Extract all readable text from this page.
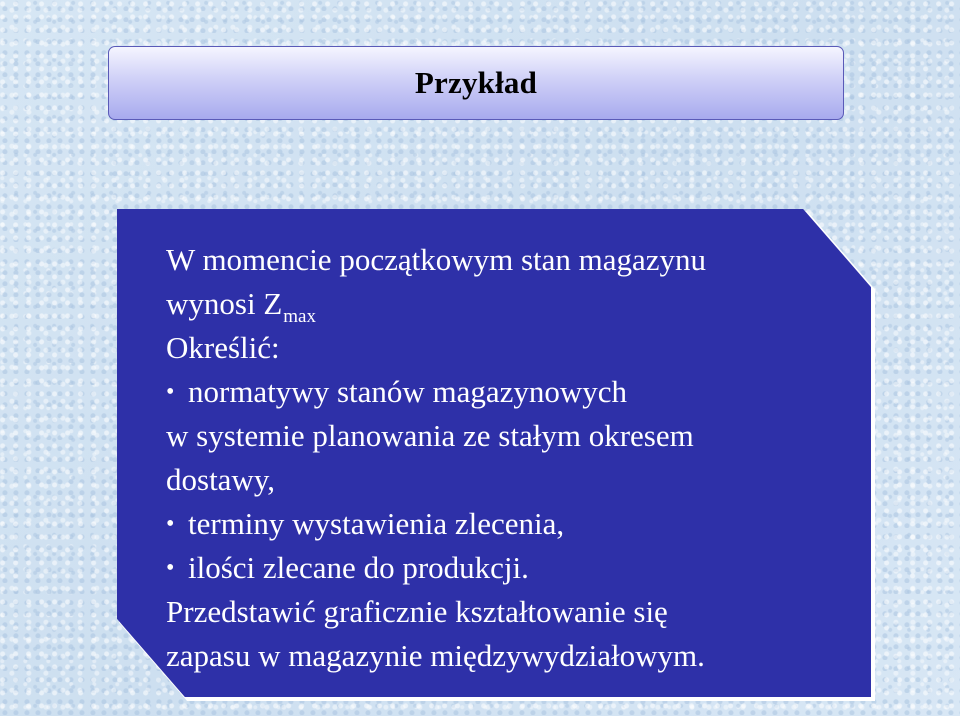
Przykład
W momencie początkowym stan magazynu
wynosi $Z_{max}$
Określić:
• normatywy stanów magazynowych
w systemie planowania ze stałym okresem
dostawy,
• terminy wystawienia zlecenia,
• ilości zlecane do produkcji.
Przedstawić graficznie kształtowanie się
zapasu w magazynie międzywydziałowym.
